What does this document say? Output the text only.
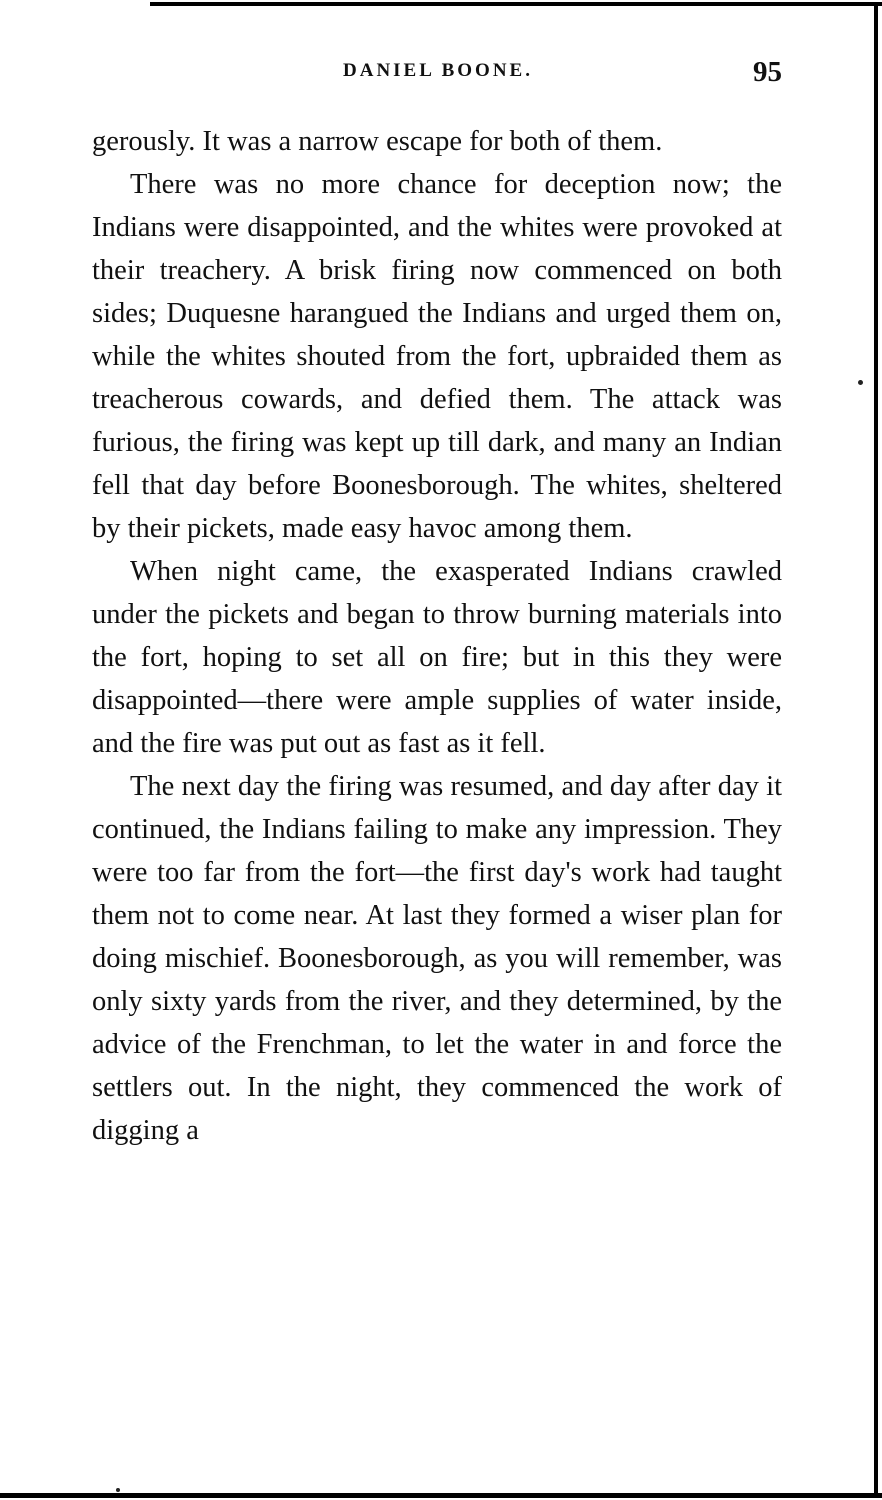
DANIEL BOONE.	95

gerously. It was a narrow escape for both of them.

There was no more chance for deception now; the Indians were disappointed, and the whites were provoked at their treachery. A brisk firing now commenced on both sides; Duquesne harangued the Indians and urged them on, while the whites shouted from the fort, upbraided them as treacherous cowards, and defied them. The attack was furious, the firing was kept up till dark, and many an Indian fell that day before Boonesborough. The whites, sheltered by their pickets, made easy havoc among them.

When night came, the exasperated Indians crawled under the pickets and began to throw burning materials into the fort, hoping to set all on fire; but in this they were disappointed—there were ample supplies of water inside, and the fire was put out as fast as it fell.

The next day the firing was resumed, and day after day it continued, the Indians failing to make any impression. They were too far from the fort—the first day's work had taught them not to come near. At last they formed a wiser plan for doing mischief. Boonesborough, as you will remember, was only sixty yards from the river, and they determined, by the advice of the Frenchman, to let the water in and force the settlers out. In the night, they commenced the work of digging a
